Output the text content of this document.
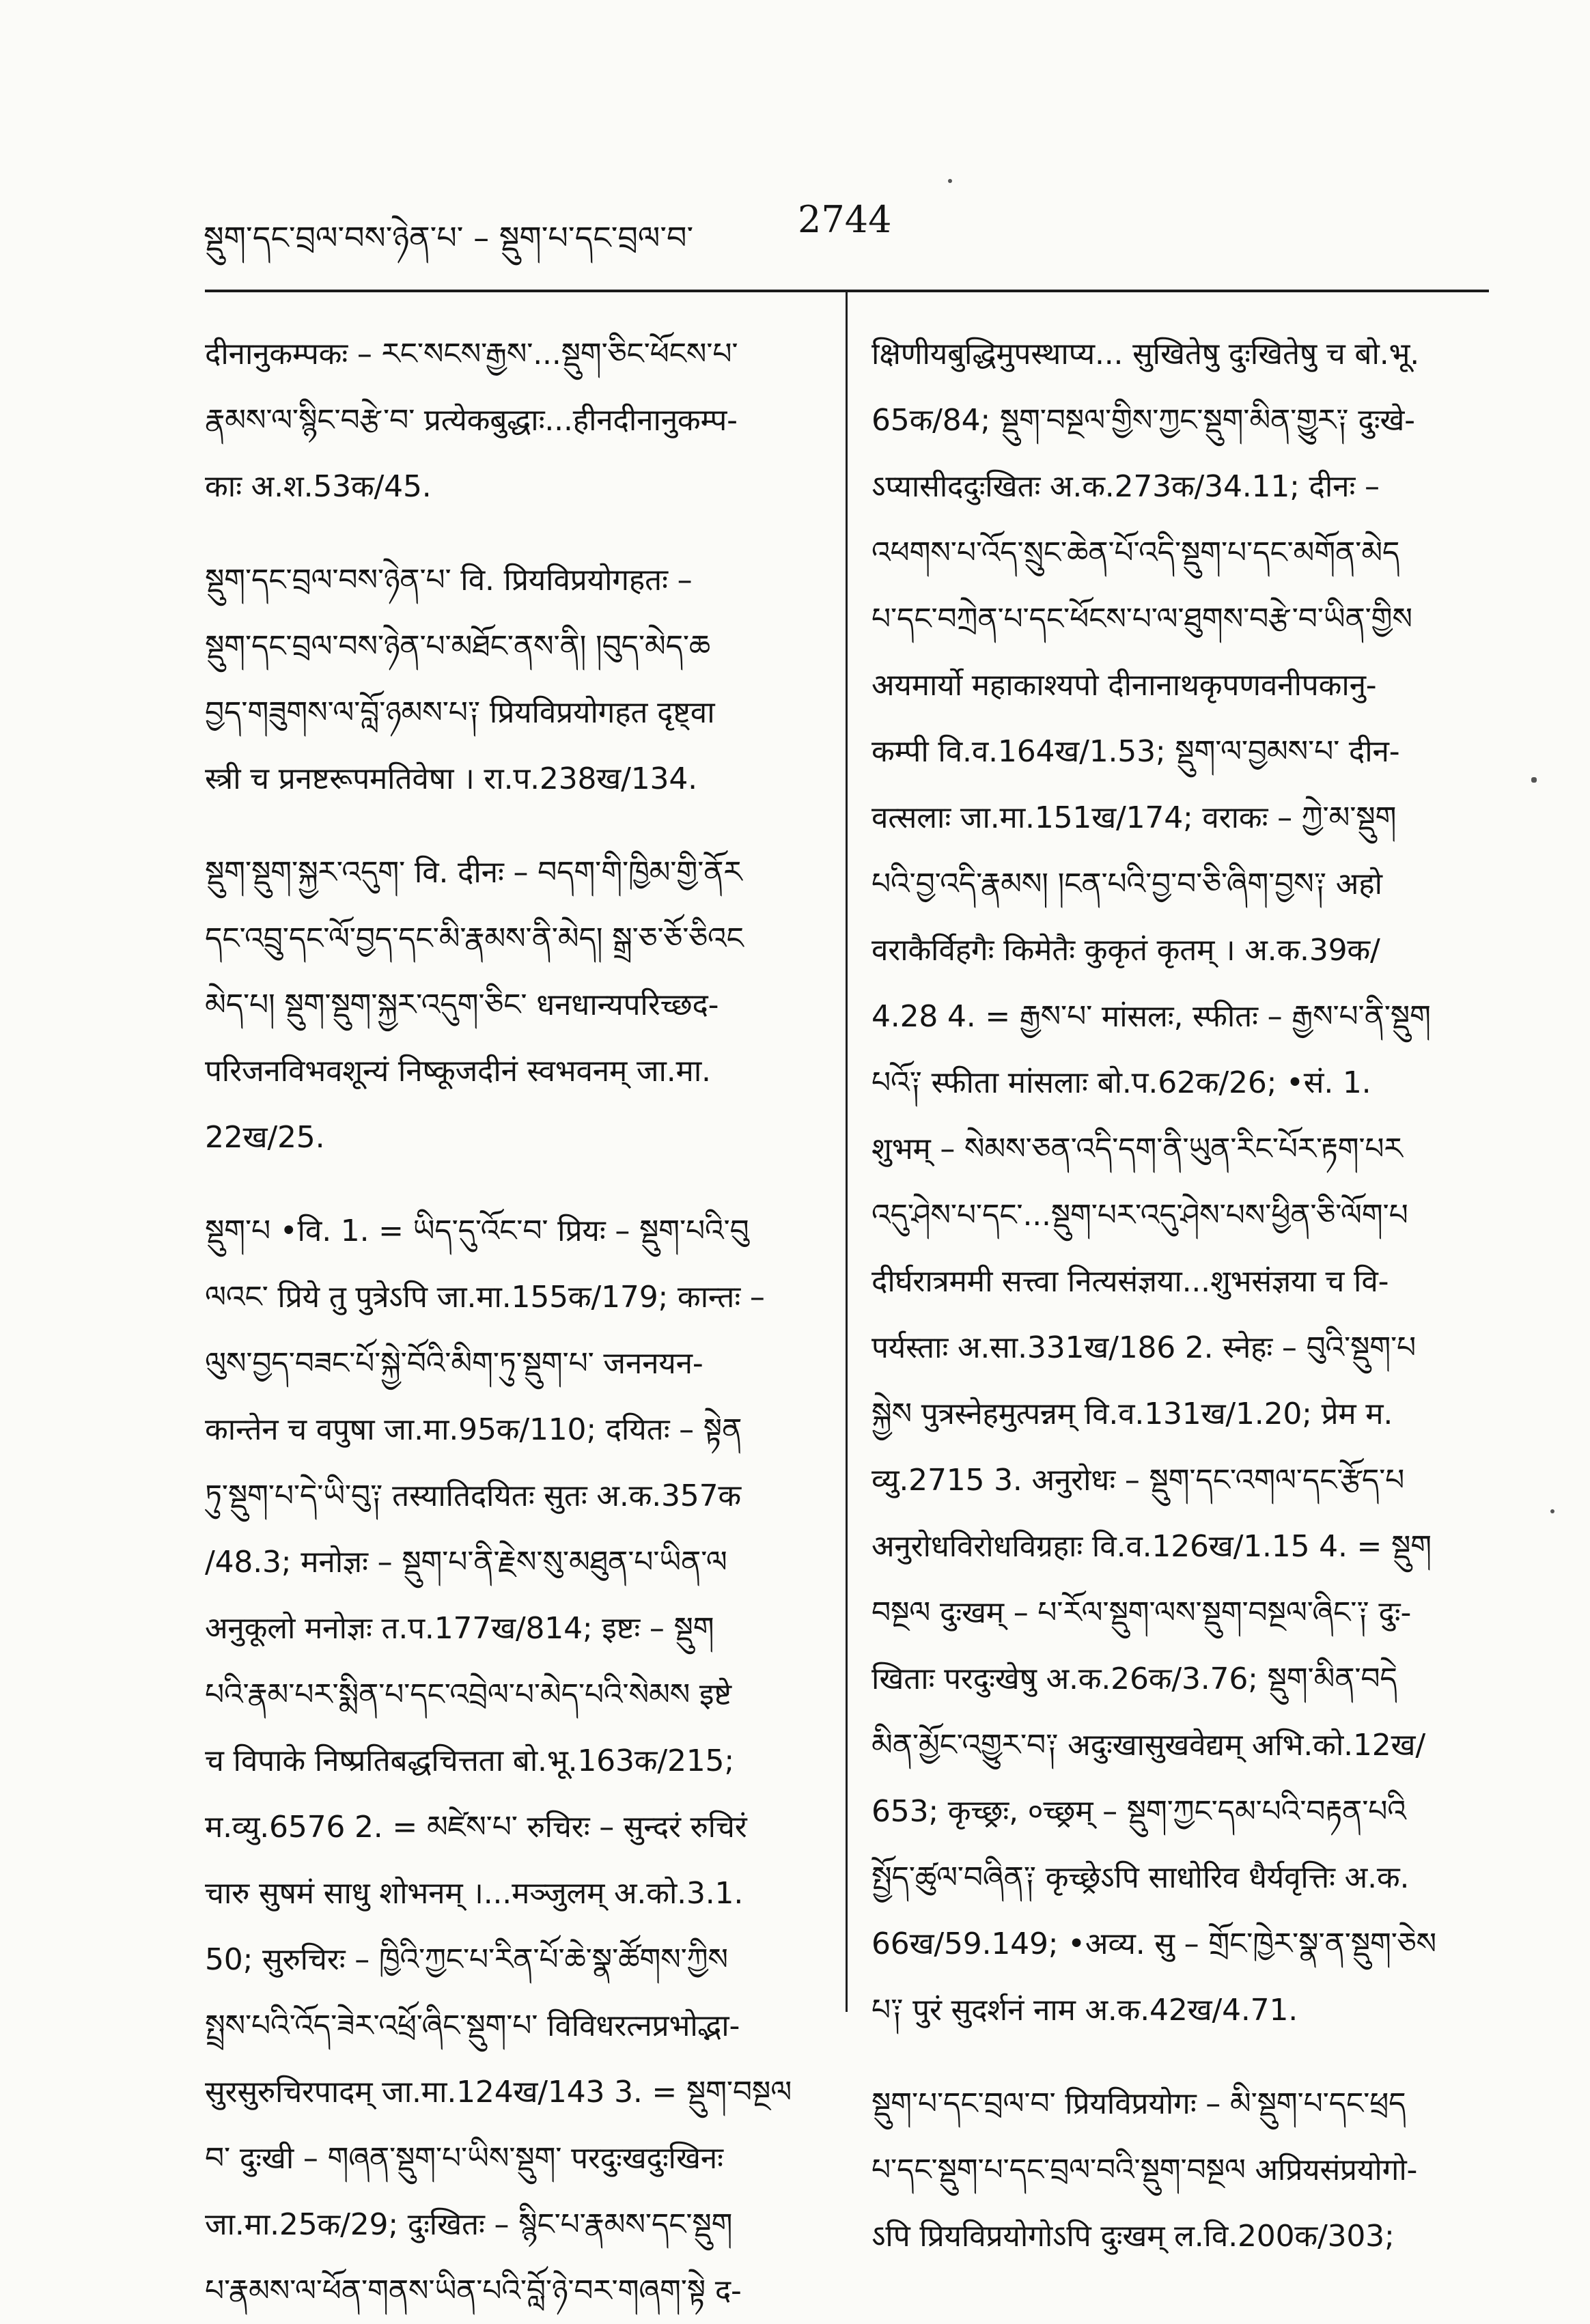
སྡུག་དང་བྲལ་བས་ཉེན་པ་ – སྡུག་པ་དང་བྲལ་བ་	2744
दीनानुकम्पकः – རང་སངས་རྒྱས་...སྡུག་ཅིང་ཕོངས་པ་
རྣམས་ལ་སྙིང་བརྩེ་བ་ प्रत्येकबुद्धाः...हीनदीनानुकम्प-
काः अ.श.53क/45.
སྡུག་དང་བྲལ་བས་ཉེན་པ་ वि. प्रियविप्रयोगहतः –
སྡུག་དང་བྲལ་བས་ཉེན་པ་མཐོང་ནས་ནི། །བུད་མེད་ཆ
བྱད་གཟུགས་ལ་བློ་ཉམས་པ༑ प्रियविप्रयोगहत दृष्ट्वा
स्त्री च प्रनष्टरूपमतिवेषा । रा.प.238ख/134.
སྡུག་སྡུག་སྐྱར་འདུག་ वि. दीनः – བདག་གི་ཁྱིམ་གྱི་ནོར
དང་འབྲུ་དང་ལོ་བྱད་དང་མི་རྣམས་ནི་མེད། སྒྲ་ཅ་ཅོ་ཅིའང
མེད་པ། སྡུག་སྡུག་སྐྱར་འདུག་ཅིང་ धनधान्यपरिच्छद-
परिजनविभवशून्यं निष्कूजदीनं स्वभवनम् जा.मा.
22ख/25.
སྡུག་པ •वि. 1. = ཡིད་དུ་འོང་བ་ प्रियः – སྡུག་པའི་བུ
ལའང་ प्रिये तु पुत्रेऽपि जा.मा.155क/179; कान्तः –
ལུས་བྱད་བཟང་པོ་སྐྱེ་བོའི་མིག་ཏུ་སྡུག་པ་ जननयन-
कान्तेन च वपुषा जा.मा.95क/110; दयितः – སྟེན
ཏུ་སྡུག་པ་དེ་ཡི་བུ༑ तस्यातिदयितः सुतः अ.क.357क
/48.3; मनोज्ञः – སྡུག་པ་ནི་རྗེས་སུ་མཐུན་པ་ཡིན་ལ
अनुकूलो मनोज्ञः त.प.177ख/814; इष्टः – སྡུག
པའི་རྣམ་པར་སྨིན་པ་དང་འབྲེལ་པ་མེད་པའི་སེམས इष्टे
च विपाके निष्प्रतिबद्धचित्तता बो.भू.163क/215;
म.व्यु.6576 2. = མཛེས་པ་ रुचिरः – सुन्दरं रुचिरं
चारु सुषमं साधु शोभनम् ।...मञ्जुलम् अ.को.3.1.
50; सुरुचिरः – ཁྱིའི་ཀྱང་པ་རིན་པོ་ཆེ་སྣ་ཚོགས་ཀྱིས
སྤྲས་པའི་འོད་ཟེར་འཕྲོ་ཞིང་སྡུག་པ་ विविधरत्नप्रभोद्भा-
सुरसुरुचिरपादम् जा.मा.124ख/143 3. = སྡུག་བསྔལ
བ་ दुःखी – གཞན་སྡུག་པ་ཡིས་སྡུག་ परदुःखदुःखिनः
जा.मा.25क/29; दुःखितः – སྙིང་པ་རྣམས་དང་སྡུག
པ་རྣམས་ལ་ཕོན་གནས་ཡིན་པའི་བློ་ཉེ་བར་གཞག་སྟེ द-
क्षिणीयबुद्धिमुपस्थाप्य... सुखितेषु दुःखितेषु च बो.भू.
65क/84; སྡུག་བསྔལ་གྱིས་ཀྱང་སྡུག་མིན་གྱུར༑ दुःखे-
ऽप्यासीददुःखितः अ.क.273क/34.11; दीनः –
འཕགས་པ་འོད་སྲུང་ཆེན་པོ་འདི་སྡུག་པ་དང་མགོན་མེད
པ་དང་བཀྲེན་པ་དང་ཕོངས་པ་ལ་ཐུགས་བརྩེ་བ་ཡིན་གྱིས
अयमार्यो महाकाश्यपो दीनानाथकृपणवनीपकानु-
कम्पी वि.व.164ख/1.53; སྡུག་ལ་བྱམས་པ་ दीन-
वत्सलाः जा.मा.151ख/174; वराकः – ཀྱེ་མ་སྡུག
པའི་བྱ་འདི་རྣམས། །ངན་པའི་བྱ་བ་ཅི་ཞིག་བྱས༑ अहो
वराकैर्विहगैः किमेतैः कुकृतं कृतम् । अ.क.39क/
4.28 4. = རྒྱས་པ་ मांसलः, स्फीतः – རྒྱས་པ་ནི་སྡུག
པའོ༑ स्फीता मांसलाः बो.प.62क/26; •सं. 1.
शुभम् – སེམས་ཅན་འདི་དག་ནི་ཡུན་རིང་པོར་རྟག་པར
འདུ་ཤེས་པ་དང་...སྡུག་པར་འདུ་ཤེས་པས་ཕྱིན་ཅི་ལོག་པ
दीर्घरात्रममी सत्त्वा नित्यसंज्ञया...शुभसंज्ञया च वि-
पर्यस्ताः अ.सा.331ख/186 2. स्नेहः – བུའི་སྡུག་པ
སྐྱེས पुत्रस्नेहमुत्पन्नम् वि.व.131ख/1.20; प्रेम म.
व्यु.2715 3. अनुरोधः – སྡུག་དང་འགལ་དང་རྩོད་པ
अनुरोधविरोधविग्रहाः वि.व.126ख/1.15 4. = སྡུག
བསྔལ दुःखम् – པ་རོལ་སྡུག་ལས་སྡུག་བསྔལ་ཞིང་༑ दुः-
खिताः परदुःखेषु अ.क.26क/3.76; སྡུག་མིན་བདེ
མིན་མྱོང་འགྱུར་བ༑ अदुःखासुखवेद्यम् अभि.को.12ख/
653; कृच्छ्रः, ०च्छ्रम् – སྡུག་ཀྱང་དམ་པའི་བརྟན་པའི
སྤྱོད་ཚུལ་བཞིན༑ कृच्छ्रेऽपि साधोरिव धैर्यवृत्तिः अ.क.
66ख/59.149; •अव्य. सु – གྲོང་ཁྱེར་སྣ་ན་སྡུག་ཅེས
པ༑ पुरं सुदर्शनं नाम अ.क.42ख/4.71.
སྡུག་པ་དང་བྲལ་བ་ प्रियविप्रयोगः – མི་སྡུག་པ་དང་ཕྲད
པ་དང་སྡུག་པ་དང་བྲལ་བའི་སྡུག་བསྔལ अप्रियसंप्रयोगो-
ऽपि प्रियविप्रयोगोऽपि दुःखम् ल.वि.200क/303;
